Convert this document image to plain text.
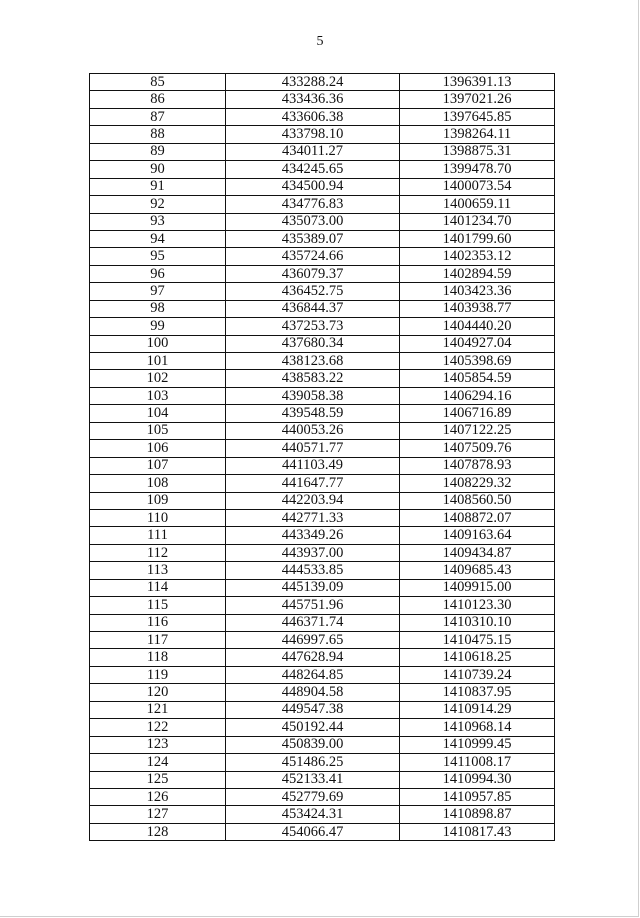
5
85	433288.24	1396391.13
86	433436.36	1397021.26
87	433606.38	1397645.85
88	433798.10	1398264.11
89	434011.27	1398875.31
90	434245.65	1399478.70
91	434500.94	1400073.54
92	434776.83	1400659.11
93	435073.00	1401234.70
94	435389.07	1401799.60
95	435724.66	1402353.12
96	436079.37	1402894.59
97	436452.75	1403423.36
98	436844.37	1403938.77
99	437253.73	1404440.20
100	437680.34	1404927.04
101	438123.68	1405398.69
102	438583.22	1405854.59
103	439058.38	1406294.16
104	439548.59	1406716.89
105	440053.26	1407122.25
106	440571.77	1407509.76
107	441103.49	1407878.93
108	441647.77	1408229.32
109	442203.94	1408560.50
110	442771.33	1408872.07
111	443349.26	1409163.64
112	443937.00	1409434.87
113	444533.85	1409685.43
114	445139.09	1409915.00
115	445751.96	1410123.30
116	446371.74	1410310.10
117	446997.65	1410475.15
118	447628.94	1410618.25
119	448264.85	1410739.24
120	448904.58	1410837.95
121	449547.38	1410914.29
122	450192.44	1410968.14
123	450839.00	1410999.45
124	451486.25	1411008.17
125	452133.41	1410994.30
126	452779.69	1410957.85
127	453424.31	1410898.87
128	454066.47	1410817.43
